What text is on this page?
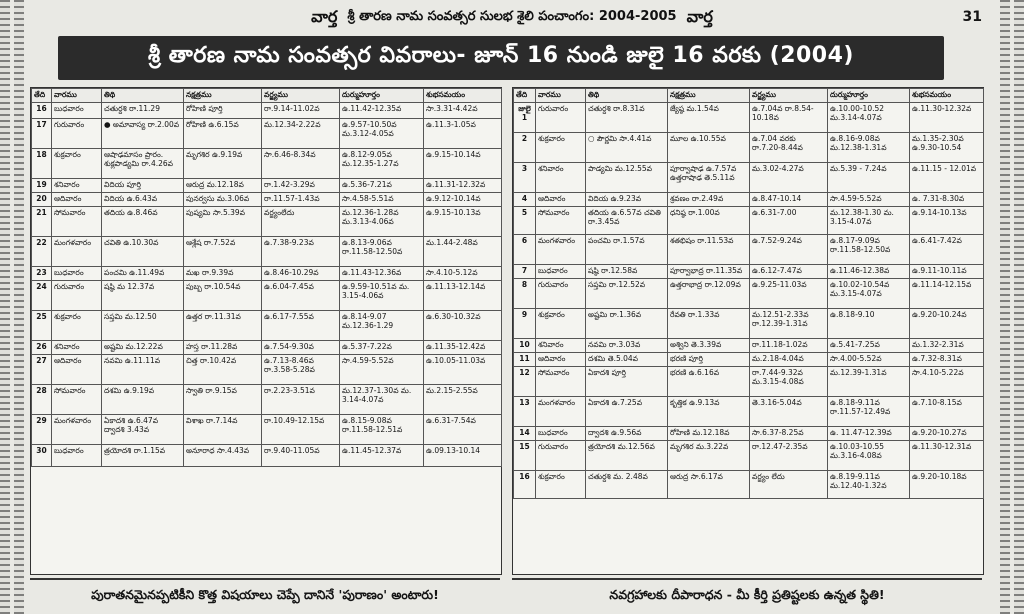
వార్త శ్రీ తారణ నామ సంవత్సర సులభ శైలి పంచాంగం: 2004-2005 వార్త	31
శ్రీ తారణ నామ సంవత్సర వివరాలు- జూన్ 16 నుండి జులై 16 వరకు (2004)
తేది	వారము	తిథి	నక్షత్రము	వర్జ్యము	దుర్ముహూర్తం	శుభసమయం
16	బుధవారం	చతుర్దశి రా.11.29	రోహిణి పూర్తి	రా.9.14-11.02వ	ఉ.11.42-12.35వ	సా.3.31-4.42వ
17	గురువారం	● అమావాస్య రా.2.00వ	రోహిణి ఉ.6.15వ	మ.12.34-2.22వ	ఉ.9.57-10.50వ మ.3.12-4.05వ	ఉ.11.3-1.05వ
18	శుక్రవారం	ఆషాఢమాసం ప్రారం. శుక్లపాడ్యమి రా.4.26వ	మృగశిర ఉ.9.19వ	సా.6.46-8.34వ	ఉ.8.12-9.05వ మ.12.35-1.27వ	ఉ.9.15-10.14వ
19	శనివారం	విదియ పూర్తి	ఆరుద్ర మ.12.18వ	రా.1.42-3.29వ	ఉ.5.36-7.21వ	ఉ.11.31-12.32వ
20	ఆదివారం	విదియ ఉ.6.43వ	పునర్వసు మ.3.06వ	రా.11.57-1.43వ	సా.4.58-5.51వ	ఉ.9.12-10.14వ
21	సోమవారం	తదియ ఉ.8.46వ	పుష్యమి సా.5.39వ	వర్జ్యంలేదు	మ.12.36-1.28వ మ.3.13-4.06వ	ఉ.9.15-10.13వ
22	మంగళవారం	చవితి ఉ.10.30వ	ఆశ్లేష రా.7.52వ	ఉ.7.38-9.23వ	ఉ.8.13-9.06వ రా.11.58-12.50వ	మ.1.44-2.48వ
23	బుధవారం	పంచమి ఉ.11.49వ	మఖ రా.9.39వ	ఉ.8.46-10.29వ	ఉ.11.43-12.36వ	సా.4.10-5.12వ
24	గురువారం	షష్ఠి మ 12.37వ	పుబ్బ రా.10.54వ	ఉ.6.04-7.45వ	ఉ.9.59-10.51వ మ. 3.15-4.06వ	ఉ.11.13-12.14వ
25	శుక్రవారం	సప్తమి మ.12.50	ఉత్తర రా.11.31వ	ఉ.6.17-7.55వ	ఉ.8.14-9.07 మ.12.36-1.29	ఉ.6.30-10.32వ
26	శనివారం	అష్టమి మ.12.22వ	హస్త రా.11.28వ	ఉ.7.54-9.30వ	ఉ.5.37-7.22వ	ఉ.11.35-12.42వ
27	ఆదివారం	నవమి ఉ.11.11వ	చిత్త రా.10.42వ	ఉ.7.13-8.46వ రా.3.58-5.28వ	సా.4.59-5.52వ	ఉ.10.05-11.03వ
28	సోమవారం	దశమి ఉ.9.19వ	స్వాతి రా.9.15వ	రా.2.23-3.51వ	మ.12.37-1.30వ మ. 3.14-4.07వ	మ.2.15-2.55వ
29	మంగళవారం	ఏకాదశి ఉ.6.47వ ద్వాదశి 3.43వ	విశాఖ రా.7.14వ	రా.10.49-12.15వ	ఉ.8.15-9.08వ రా.11.58-12.51వ	ఉ.6.31-7.54వ
30	బుధవారం	త్రయోదశి రా.1.15వ	అనూరాధ సా.4.43వ	రా.9.40-11.05వ	ఉ.11.45-12.37వ	ఉ.09.13-10.14
తేది	వారము	తిథి	నక్షత్రము	వర్జ్యము	దుర్ముహూర్తం	శుభసమయం
జులై 1	గురువారం	చతుర్దశి రా.8.31వ	జ్యేష్ఠ మ.1.54వ	ఉ.7.04వ రా.8.54-10.18వ	ఉ.10.00-10.52 మ.3.14-4.07వ	ఉ.11.30-12.32వ
2	శుక్రవారం	○ పౌర్ణమి సా.4.41వ	మూల ఉ.10.55వ	ఉ.7.04 వరకు రా.7.20-8.44వ	ఉ.8.16-9.08వ మ.12.38-1.31వ	మ.1.35-2.30వ ఉ.9.30-10.54
3	శనివారం	పాడ్యమి మ.12.55వ	పూర్వాషాఢ ఉ.7.57వ ఉత్తరాషాఢ తె.5.11వ	మ.3.02-4.27వ	మ.5.39 - 7.24వ	ఉ.11.15 - 12.01వ
4	ఆదివారం	విదియ ఉ.9.23వ	శ్రవణం రా.2.49వ	ఉ.8.47-10.14	సా.4.59-5.52వ	ఉ. 7.31-8.30వ
5	సోమవారం	తదియ ఉ.6.57వ చవితి రా.3.45వ	ధనిష్ఠ రా.1.00వ	ఉ.6.31-7.00	మ.12.38-1.30 మ. 3.15-4.07వ	ఉ.9.14-10.13వ
6	మంగళవారం	పంచమి రా.1.57వ	శతభిషం రా.11.53వ	ఉ.7.52-9.24వ	ఉ.8.17-9.09వ రా.11.58-12.50వ	ఉ.6.41-7.42వ
7	బుధవారం	షష్ఠి రా.12.58వ	పూర్వాభాద్ర రా.11.35వ	ఉ.6.12-7.47వ	ఉ.11.46-12.38వ	ఉ.9.11-10.11వ
8	గురువారం	సప్తమి రా.12.52వ	ఉత్తరాభాద్ర రా.12.09వ	ఉ.9.25-11.03వ	ఉ.10.02-10.54వ మ.3.15-4.07వ	ఉ.11.14-12.15వ
9	శుక్రవారం	అష్టమి రా.1.36వ	రేవతి రా.1.33వ	మ.12.51-2.33వ రా.12.39-1.31వ	ఉ.8.18-9.10	ఉ.9.20-10.24వ
10	శనివారం	నవమి రా.3.03వ	అశ్విని తె.3.39వ	రా.11.18-1.02వ	ఉ.5.41-7.25వ	మ.1.32-2.31వ
11	ఆదివారం	దశమి తె.5.04వ	భరణి పూర్తి	మ.2.18-4.04వ	సా.4.00-5.52వ	ఉ.7.32-8.31వ
12	సోమవారం	ఏకాదశి పూర్తి	భరణి ఉ.6.16వ	రా.7.44-9.32వ మ.3.15-4.08వ	మ.12.39-1.31వ	సా.4.10-5.22వ
13	మంగళవారం	ఏకాదశి ఉ.7.25వ	కృత్తిక ఉ.9.13వ	తె.3.16-5.04వ	ఉ.8.18-9.11వ రా.11.57-12.49వ	ఉ.7.10-8.15వ
14	బుధవారం	ద్వాదశి ఉ.9.56వ	రోహిణి మ.12.18వ	సా.6.37-8.25వ	ఉ. 11.47-12.39వ	ఉ.9.20-10.27వ
15	గురువారం	త్రయోదశి మ.12.56వ	మృగశిర మ.3.22వ	రా.12.47-2.35వ	ఉ.10.03-10.55 మ.3.16-4.08వ	ఉ.11.30-12.31వ
16	శుక్రవారం	చతుర్దశి మ. 2.48వ	ఆరుద్ర సా.6.17వ	వర్జ్యం లేదు	ఉ.8.19-9.11వ మ.12.40-1.32వ	ఉ.9.20-10.18వ
పురాతనమైనప్పటికీని కొత్త విషయాలు చెప్పే దానినే 'పురాణం' అంటారు!	నవగ్రహాలకు దీపారాధన - మీ కీర్తి ప్రతిష్టలకు ఉన్నత స్థితి!
